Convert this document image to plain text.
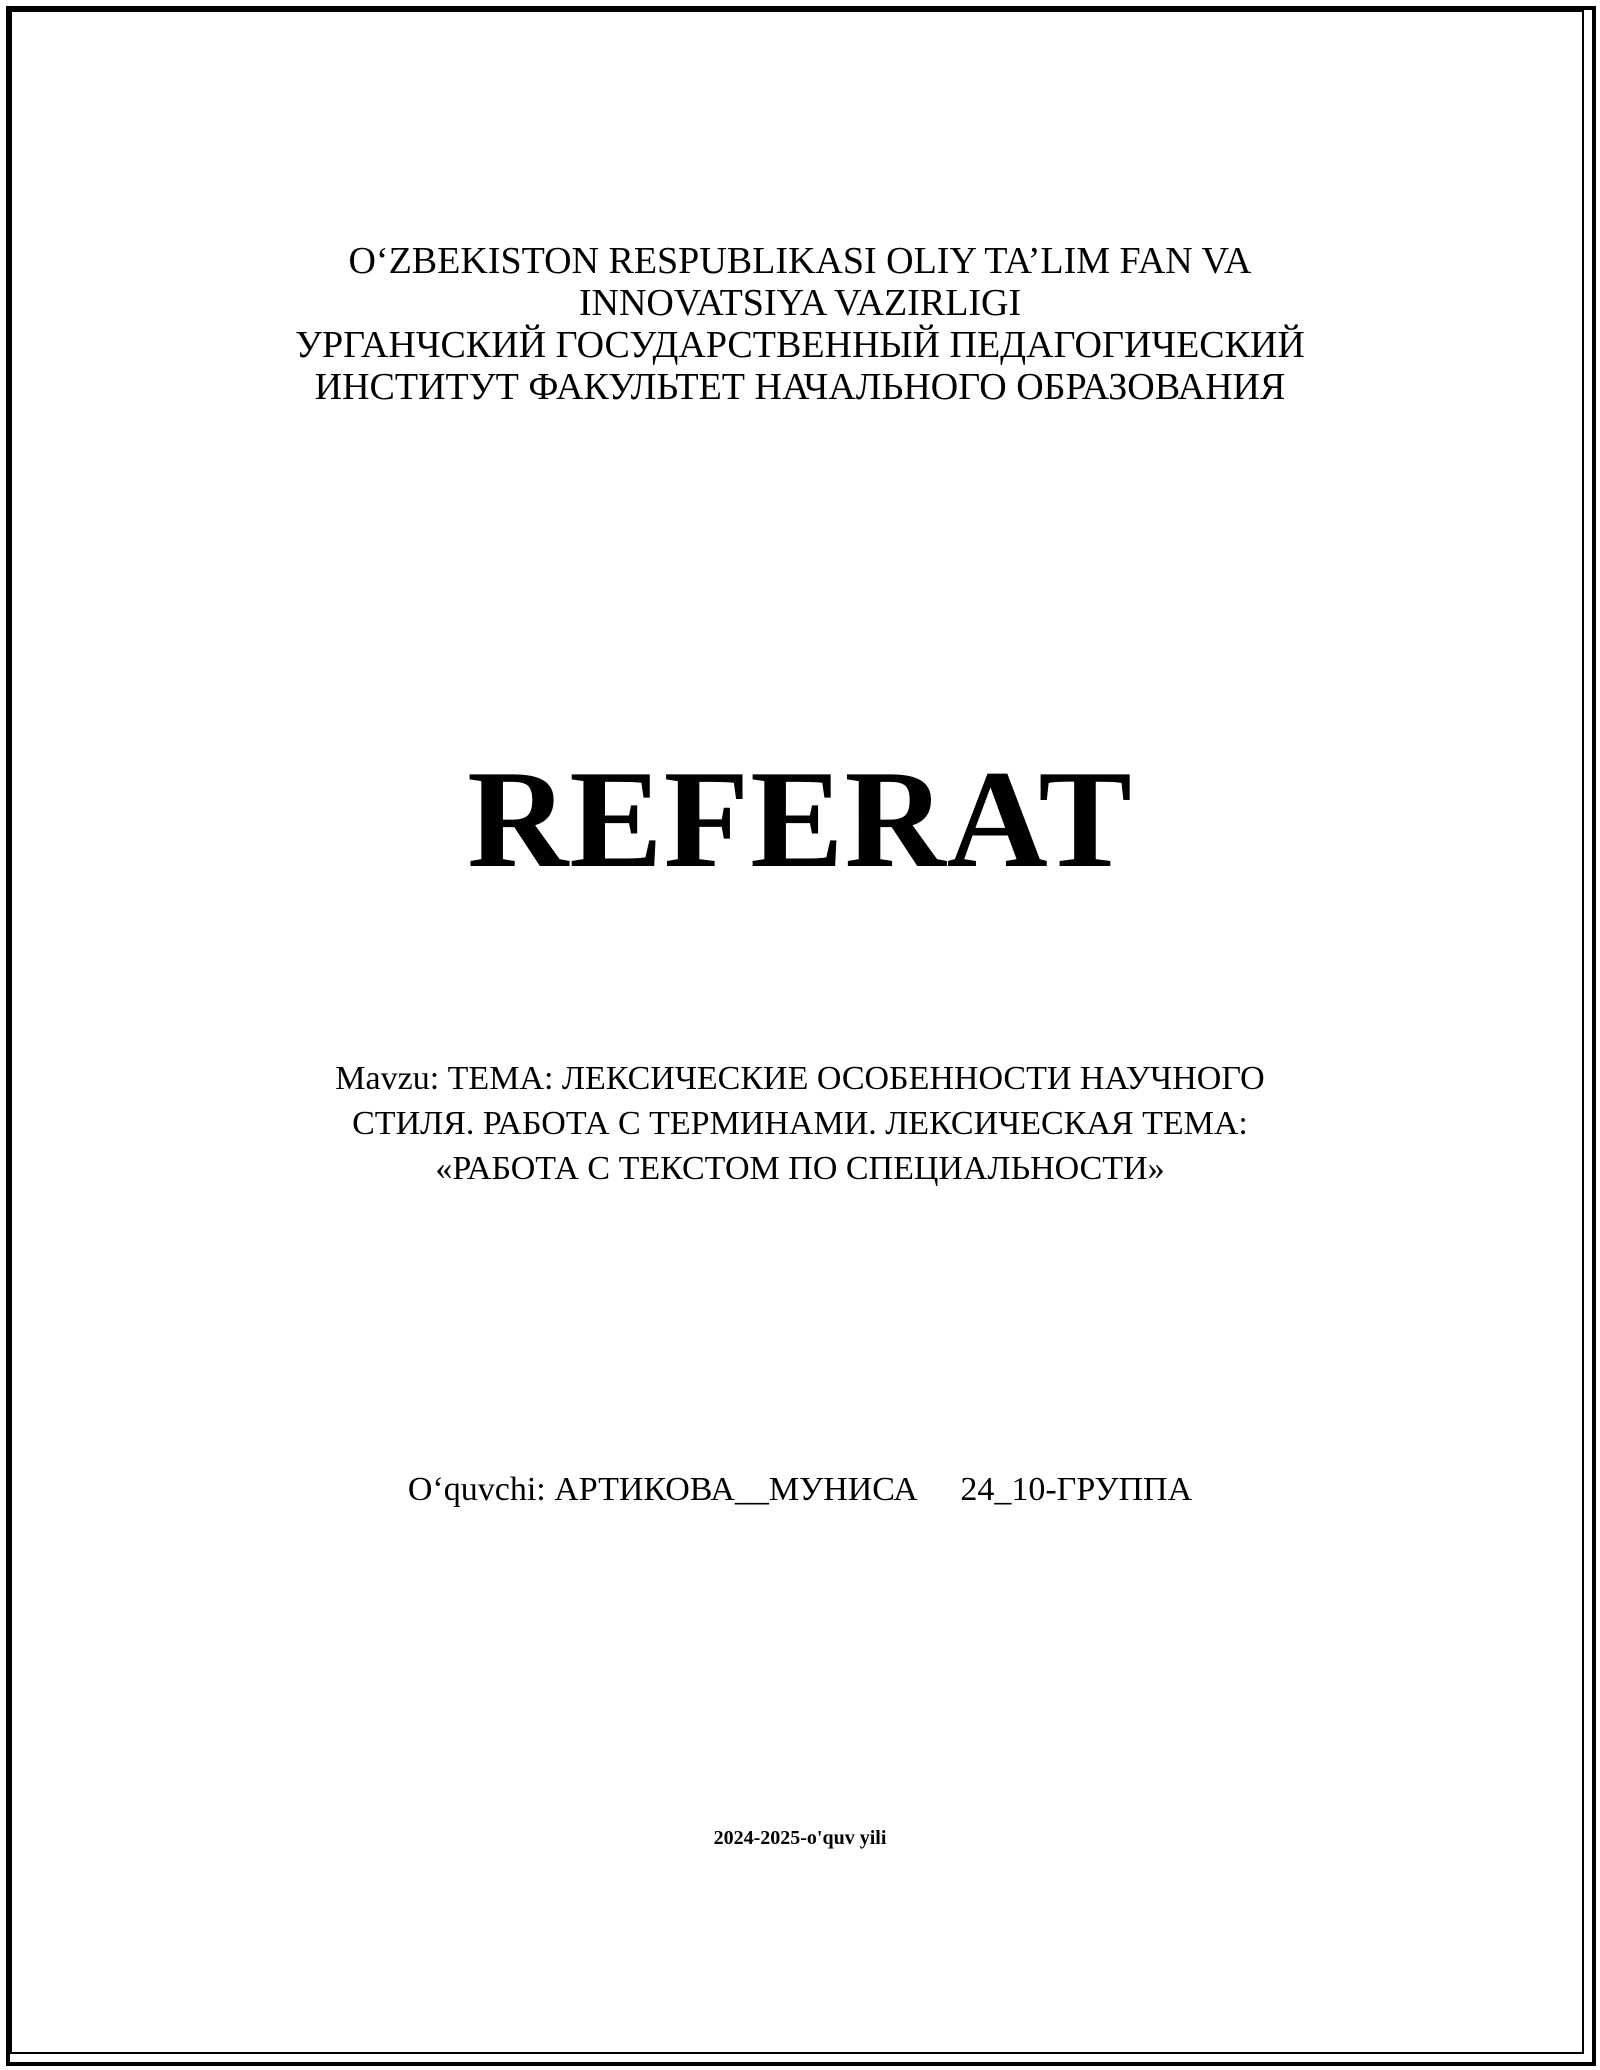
O‘ZBEKISTON RESPUBLIKASI OLIY TA’LIM FAN VA
INNOVATSIYA VAZIRLIGI
УРГАНЧСКИЙ ГОСУДАРСТВЕННЫЙ ПЕДАГОГИЧЕСКИЙ
ИНСТИТУТ ФАКУЛЬТЕТ НАЧАЛЬНОГО ОБРАЗОВАНИЯ
REFERAT
Mavzu: ТЕМА: ЛЕКСИЧЕСКИЕ ОСОБЕННОСТИ НАУЧНОГО
СТИЛЯ. РАБОТА С ТЕРМИНАМИ. ЛЕКСИЧЕСКАЯ ТЕМА:
«РАБОТА С ТЕКСТОМ ПО СПЕЦИАЛЬНОСТИ»
O‘quvchi: АРТИКОВА__МУНИСА     24_10-ГРУППА
2024-2025-o'quv yili
